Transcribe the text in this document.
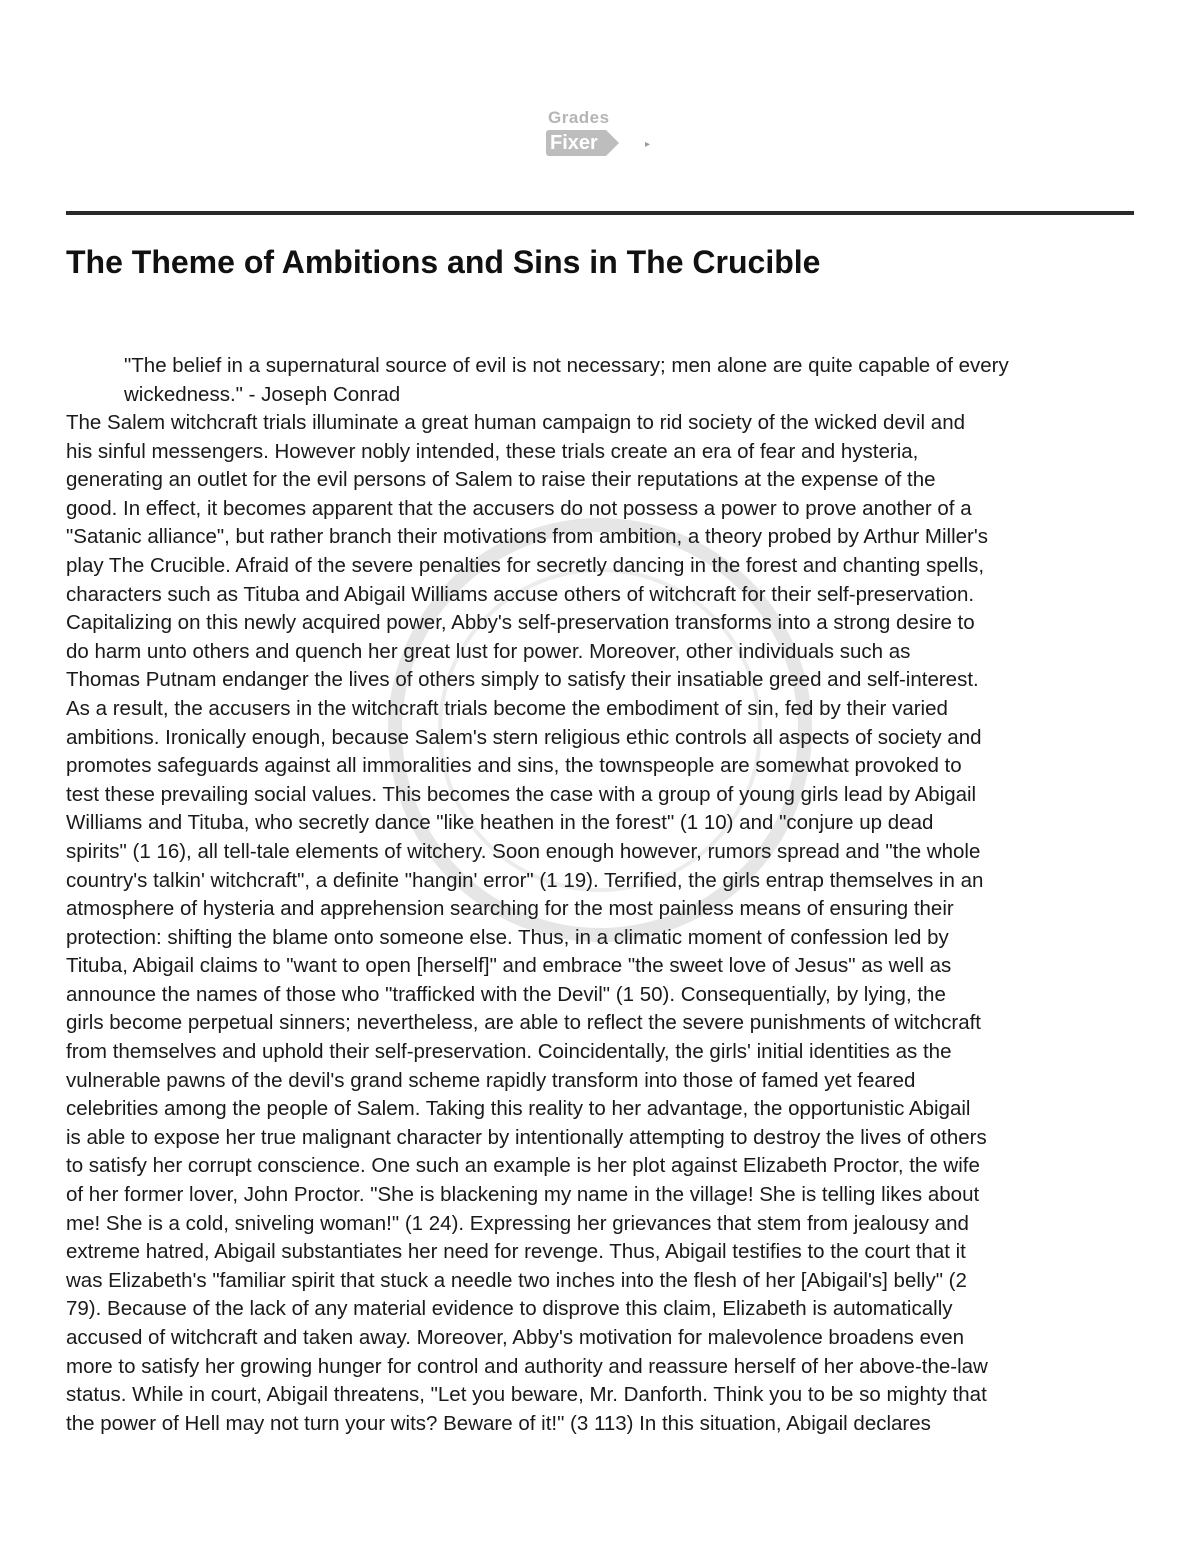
Grades
Fixer	▸
The Theme of Ambitions and Sins in The Crucible

"The belief in a supernatural source of evil is not necessary; men alone are quite capable of every wickedness." - Joseph Conrad

The Salem witchcraft trials illuminate a great human campaign to rid society of the wicked devil and
his sinful messengers. However nobly intended, these trials create an era of fear and hysteria,
generating an outlet for the evil persons of Salem to raise their reputations at the expense of the
good. In effect, it becomes apparent that the accusers do not possess a power to prove another of a
"Satanic alliance", but rather branch their motivations from ambition, a theory probed by Arthur Miller's
play The Crucible. Afraid of the severe penalties for secretly dancing in the forest and chanting spells,
characters such as Tituba and Abigail Williams accuse others of witchcraft for their self-preservation.
Capitalizing on this newly acquired power, Abby's self-preservation transforms into a strong desire to
do harm unto others and quench her great lust for power. Moreover, other individuals such as
Thomas Putnam endanger the lives of others simply to satisfy their insatiable greed and self-interest.
As a result, the accusers in the witchcraft trials become the embodiment of sin, fed by their varied
ambitions. Ironically enough, because Salem's stern religious ethic controls all aspects of society and
promotes safeguards against all immoralities and sins, the townspeople are somewhat provoked to
test these prevailing social values. This becomes the case with a group of young girls lead by Abigail
Williams and Tituba, who secretly dance "like heathen in the forest" (1 10) and "conjure up dead
spirits" (1 16), all tell-tale elements of witchery. Soon enough however, rumors spread and "the whole
country's talkin' witchcraft", a definite "hangin' error" (1 19). Terrified, the girls entrap themselves in an
atmosphere of hysteria and apprehension searching for the most painless means of ensuring their
protection: shifting the blame onto someone else. Thus, in a climatic moment of confession led by
Tituba, Abigail claims to "want to open [herself]" and embrace "the sweet love of Jesus" as well as
announce the names of those who "trafficked with the Devil" (1 50). Consequentially, by lying, the
girls become perpetual sinners; nevertheless, are able to reflect the severe punishments of witchcraft
from themselves and uphold their self-preservation. Coincidentally, the girls' initial identities as the
vulnerable pawns of the devil's grand scheme rapidly transform into those of famed yet feared
celebrities among the people of Salem. Taking this reality to her advantage, the opportunistic Abigail
is able to expose her true malignant character by intentionally attempting to destroy the lives of others
to satisfy her corrupt conscience. One such an example is her plot against Elizabeth Proctor, the wife
of her former lover, John Proctor. "She is blackening my name in the village! She is telling likes about
me! She is a cold, sniveling woman!" (1 24). Expressing her grievances that stem from jealousy and
extreme hatred, Abigail substantiates her need for revenge. Thus, Abigail testifies to the court that it
was Elizabeth's "familiar spirit that stuck a needle two inches into the flesh of her [Abigail's] belly" (2
79). Because of the lack of any material evidence to disprove this claim, Elizabeth is automatically
accused of witchcraft and taken away. Moreover, Abby's motivation for malevolence broadens even
more to satisfy her growing hunger for control and authority and reassure herself of her above-the-law
status. While in court, Abigail threatens, "Let you beware, Mr. Danforth. Think you to be so mighty that
the power of Hell may not turn your wits? Beware of it!" (3 113) In this situation, Abigail declares
